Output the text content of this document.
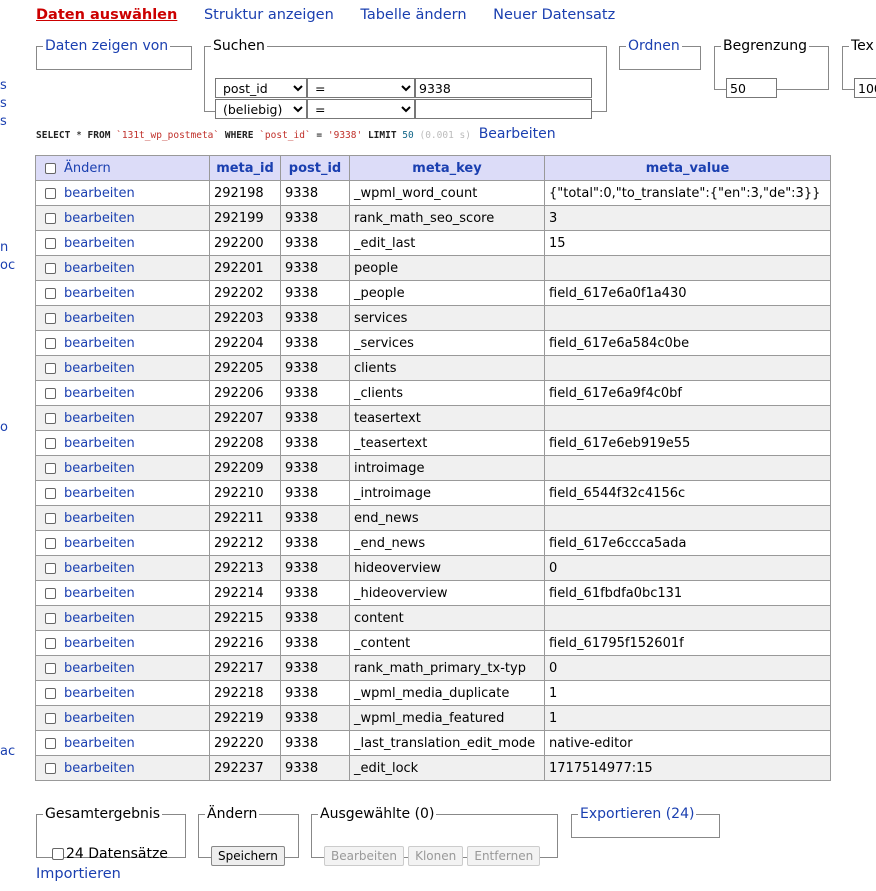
Daten auswählen Struktur anzeigen Tabelle ändern Neuer Datensatz
s
s
s
n
oc
o
ac
Daten zeigen von	Suchen
post_id
=9338
(beliebig)
=	Ordnen	Begrenzung
50	Tex
100
SELECT * FROM `131t_wp_postmeta` WHERE `post_id` = '9338' LIMIT 50 (0.001 s) Bearbeiten
Ändern	meta_id	post_id	meta_key	meta_value
bearbeiten	292198	9338	_wpml_word_count	{"total":0,"to_translate":{"en":3,"de":3}}
bearbeiten	292199	9338	rank_math_seo_score	3
bearbeiten	292200	9338	_edit_last	15
bearbeiten	292201	9338	people	
bearbeiten	292202	9338	_people	field_617e6a0f1a430
bearbeiten	292203	9338	services	
bearbeiten	292204	9338	_services	field_617e6a584c0be
bearbeiten	292205	9338	clients	
bearbeiten	292206	9338	_clients	field_617e6a9f4c0bf
bearbeiten	292207	9338	teasertext	
bearbeiten	292208	9338	_teasertext	field_617e6eb919e55
bearbeiten	292209	9338	introimage	
bearbeiten	292210	9338	_introimage	field_6544f32c4156c
bearbeiten	292211	9338	end_news	
bearbeiten	292212	9338	_end_news	field_617e6ccca5ada
bearbeiten	292213	9338	hideoverview	0
bearbeiten	292214	9338	_hideoverview	field_61fbdfa0bc131
bearbeiten	292215	9338	content	
bearbeiten	292216	9338	_content	field_61795f152601f
bearbeiten	292217	9338	rank_math_primary_tx-typ	0
bearbeiten	292218	9338	_wpml_media_duplicate	1
bearbeiten	292219	9338	_wpml_media_featured	1
bearbeiten	292220	9338	_last_translation_edit_mode	native-editor
bearbeiten	292237	9338	_edit_lock	1717514977:15
Gesamtergebnis
24 Datensätze
Ändern
Speichern
Ausgewählte (0)
Bearbeiten Klonen Entfernen
Exportieren (24)
Importieren
